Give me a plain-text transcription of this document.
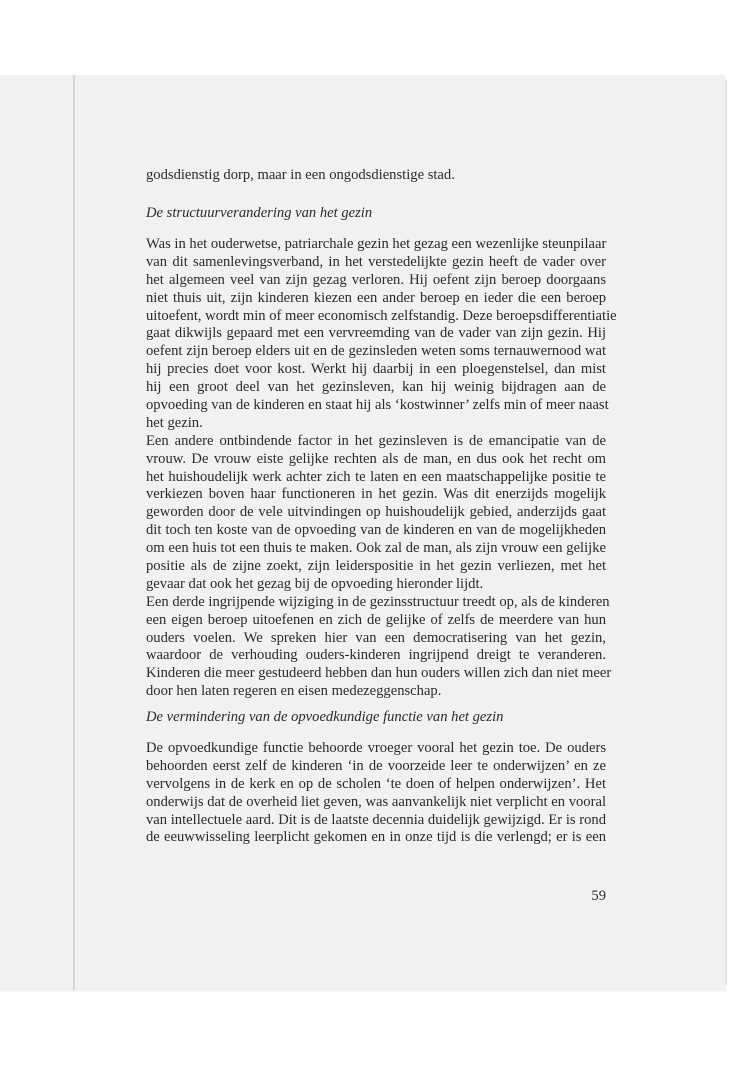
godsdienstig dorp, maar in een ongodsdienstige stad.
De structuurverandering van het gezin
Was in het ouderwetse, patriarchale gezin het gezag een wezenlijke steunpilaar
van dit samenlevingsverband, in het verstedelijkte gezin heeft de vader over
het algemeen veel van zijn gezag verloren. Hij oefent zijn beroep doorgaans
niet thuis uit, zijn kinderen kiezen een ander beroep en ieder die een beroep
uitoefent, wordt min of meer economisch zelfstandig. Deze beroepsdifferentiatie
gaat dikwijls gepaard met een vervreemding van de vader van zijn gezin. Hij
oefent zijn beroep elders uit en de gezinsleden weten soms ternauwernood wat
hij precies doet voor kost. Werkt hij daarbij in een ploegenstelsel, dan mist
hij een groot deel van het gezinsleven, kan hij weinig bijdragen aan de
opvoeding van de kinderen en staat hij als ‘kostwinner’ zelfs min of meer naast
het gezin.
Een andere ontbindende factor in het gezinsleven is de emancipatie van de
vrouw. De vrouw eiste gelijke rechten als de man, en dus ook het recht om
het huishoudelijk werk achter zich te laten en een maatschappelijke positie te
verkiezen boven haar functioneren in het gezin. Was dit enerzijds mogelijk
geworden door de vele uitvindingen op huishoudelijk gebied, anderzijds gaat
dit toch ten koste van de opvoeding van de kinderen en van de mogelijkheden
om een huis tot een thuis te maken. Ook zal de man, als zijn vrouw een gelijke
positie als de zijne zoekt, zijn leiderspositie in het gezin verliezen, met het
gevaar dat ook het gezag bij de opvoeding hieronder lijdt.
Een derde ingrijpende wijziging in de gezinsstructuur treedt op, als de kinderen
een eigen beroep uitoefenen en zich de gelijke of zelfs de meerdere van hun
ouders voelen. We spreken hier van een democratisering van het gezin,
waardoor de verhouding ouders-kinderen ingrijpend dreigt te veranderen.
Kinderen die meer gestudeerd hebben dan hun ouders willen zich dan niet meer
door hen laten regeren en eisen medezeggenschap.
De vermindering van de opvoedkundige functie van het gezin
De opvoedkundige functie behoorde vroeger vooral het gezin toe. De ouders
behoorden eerst zelf de kinderen ‘in de voorzeide leer te onderwijzen’ en ze
vervolgens in de kerk en op de scholen ‘te doen of helpen onderwijzen’. Het
onderwijs dat de overheid liet geven, was aanvankelijk niet verplicht en vooral
van intellectuele aard. Dit is de laatste decennia duidelijk gewijzigd. Er is rond
de eeuwwisseling leerplicht gekomen en in onze tijd is die verlengd; er is een
59
